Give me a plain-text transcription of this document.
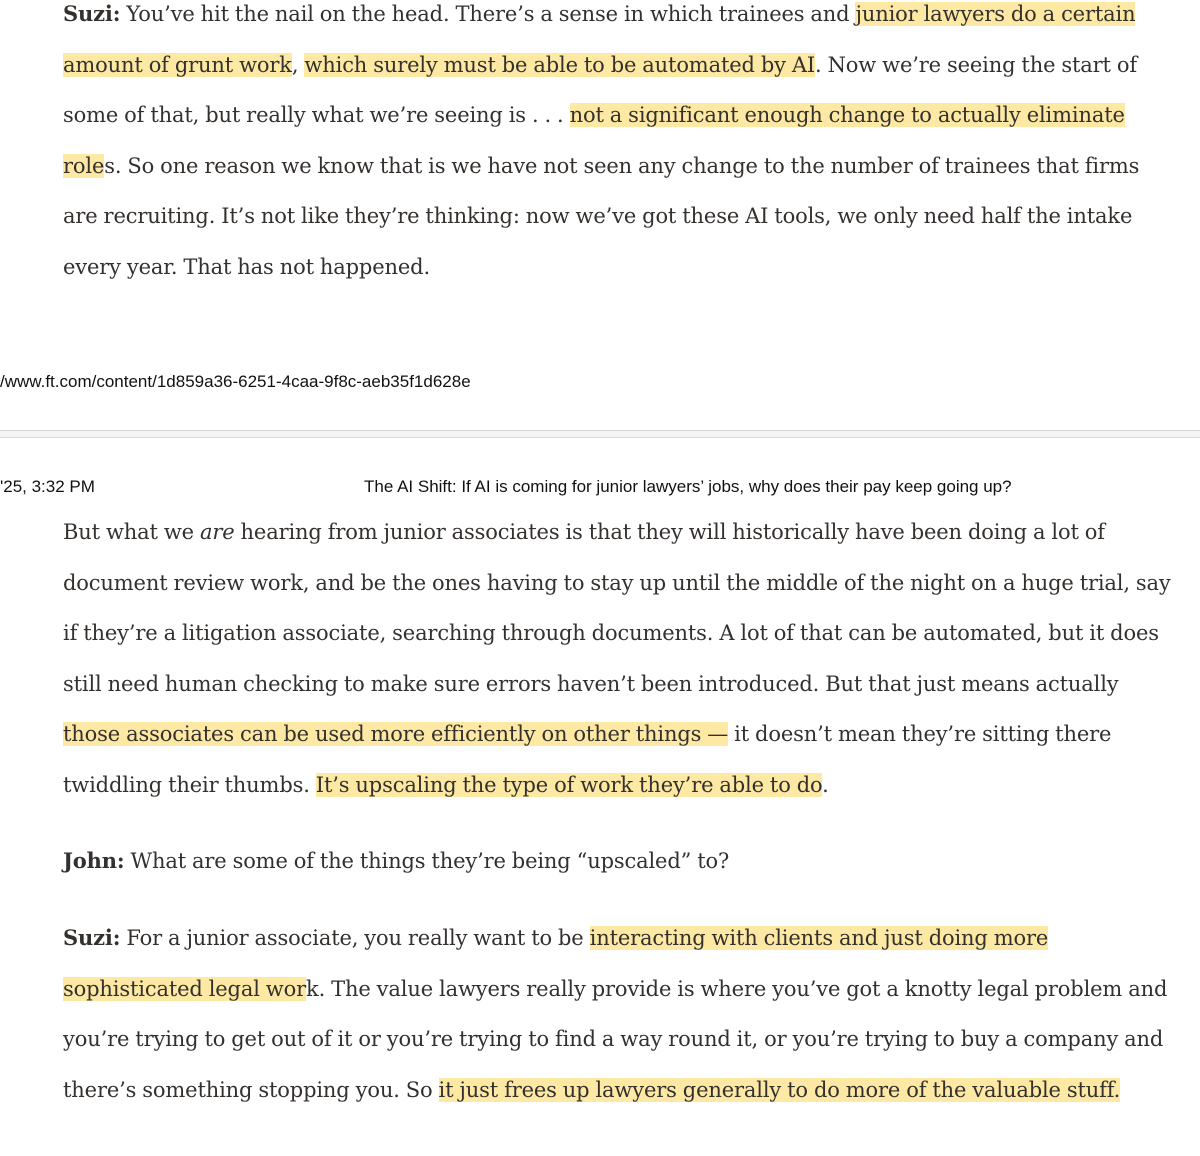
Suzi: You’ve hit the nail on the head. There’s a sense in which trainees and junior lawyers do a certain amount of grunt work, which surely must be able to be automated by AI. Now we’re seeing the start of some of that, but really what we’re seeing is . . . not a significant enough change to actually eliminate roles. So one reason we know that is we have not seen any change to the number of trainees that firms are recruiting. It’s not like they’re thinking: now we’ve got these AI tools, we only need half the intake every year. That has not happened.

/www.ft.com/content/1d859a36-6251-4caa-9f8c-aeb35f1d628e
'25, 3:32 PM	The AI Shift: If AI is coming for junior lawyers’ jobs, why does their pay keep going up?

But what we are hearing from junior associates is that they will historically have been doing a lot of document review work, and be the ones having to stay up until the middle of the night on a huge trial, say if they’re a litigation associate, searching through documents. A lot of that can be automated, but it does still need human checking to make sure errors haven’t been introduced. But that just means actually those associates can be used more efficiently on other things — it doesn’t mean they’re sitting there twiddling their thumbs. It’s upscaling the type of work they’re able to do.

John: What are some of the things they’re being “upscaled” to?

Suzi: For a junior associate, you really want to be interacting with clients and just doing more sophisticated legal work. The value lawyers really provide is where you’ve got a knotty legal problem and you’re trying to get out of it or you’re trying to find a way round it, or you’re trying to buy a company and there’s something stopping you. So it just frees up lawyers generally to do more of the valuable stuff.
